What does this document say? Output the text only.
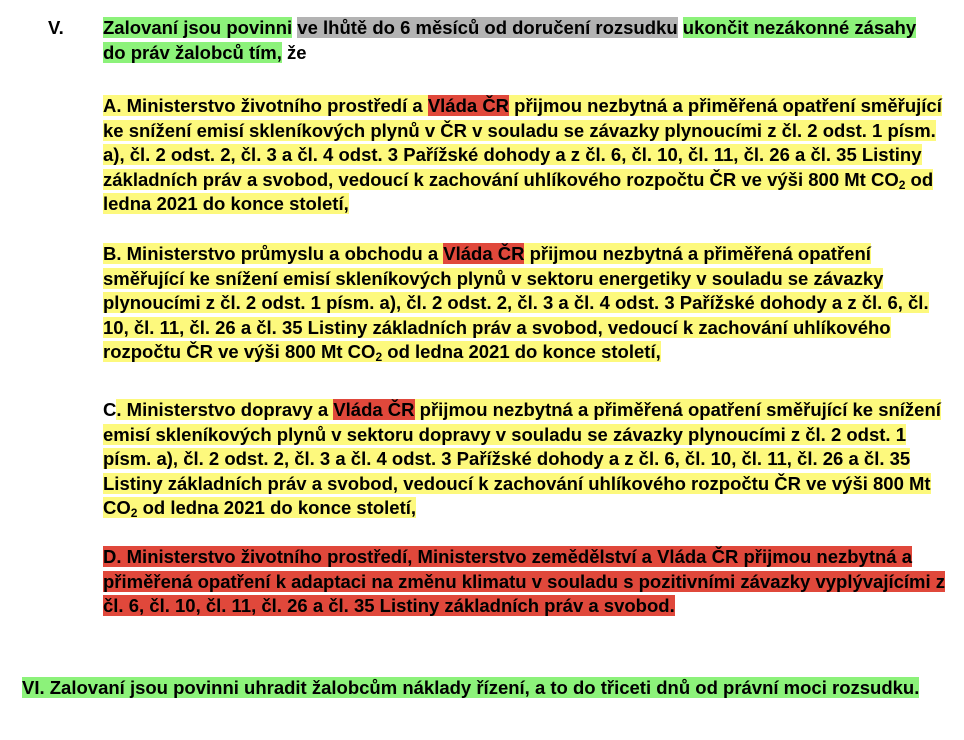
V.	Zalovaní jsou povinni ve lhůtě do 6 měsíců od doručení rozsudku ukončit nezákonné zásahy do práv žalobců tím, že
A. Ministerstvo životního prostředí a Vláda ČR přijmou nezbytná a přiměřená opatření směřující ke snížení emisí skleníkových plynů v ČR v souladu se závazky plynoucími z čl. 2 odst. 1 písm. a), čl. 2 odst. 2, čl. 3 a čl. 4 odst. 3 Pařížské dohody a z čl. 6, čl. 10, čl. 11, čl. 26 a čl. 35 Listiny základních práv a svobod, vedoucí k zachování uhlíkového rozpočtu ČR ve výši 800 Mt $CO_2$ od ledna 2021 do konce století,
B. Ministerstvo průmyslu a obchodu a Vláda ČR přijmou nezbytná a přiměřená opatření směřující ke snížení emisí skleníkových plynů v sektoru energetiky v souladu se závazky plynoucími z čl. 2 odst. 1 písm. a), čl. 2 odst. 2, čl. 3 a čl. 4 odst. 3 Pařížské dohody a z čl. 6, čl. 10, čl. 11, čl. 26 a čl. 35 Listiny základních práv a svobod, vedoucí k zachování uhlíkového rozpočtu ČR ve výši 800 Mt $CO_2$ od ledna 2021 do konce století,
C. Ministerstvo dopravy a Vláda ČR přijmou nezbytná a přiměřená opatření směřující ke snížení emisí skleníkových plynů v sektoru dopravy v souladu se závazky plynoucími z čl. 2 odst. 1 písm. a), čl. 2 odst. 2, čl. 3 a čl. 4 odst. 3 Pařížské dohody a z čl. 6, čl. 10, čl. 11, čl. 26 a čl. 35 Listiny základních práv a svobod, vedoucí k zachování uhlíkového rozpočtu ČR ve výši 800 Mt $CO_2$ od ledna 2021 do konce století,
D. Ministerstvo životního prostředí, Ministerstvo zemědělství a Vláda ČR přijmou nezbytná a přiměřená opatření k adaptaci na změnu klimatu v souladu s pozitivními závazky vyplývajícími z čl. 6, čl. 10, čl. 11, čl. 26 a čl. 35 Listiny základních práv a svobod.
VI. Zalovaní jsou povinni uhradit žalobcům náklady řízení, a to do třiceti dnů od právní moci rozsudku.
